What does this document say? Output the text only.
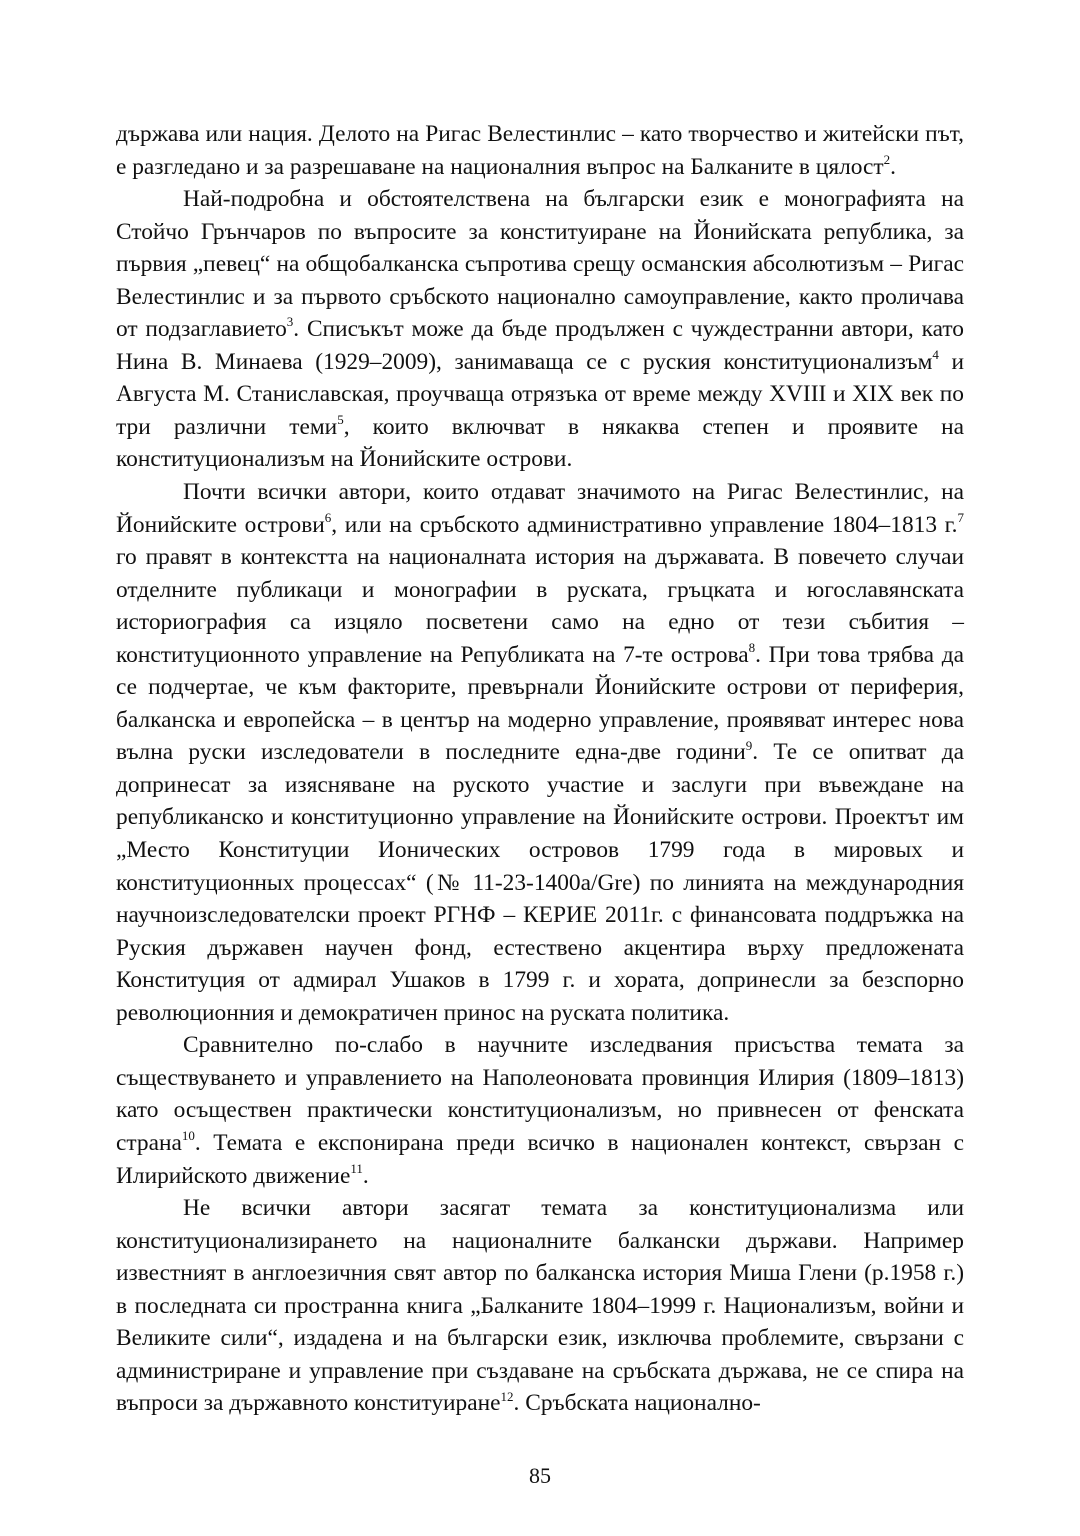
държава или нация. Делото на Ригас Велестинлис – като творчество и житейски път, е разгледано и за разрешаване на националния въпрос на Балканите в цялост$^2$.

Най-подробна и обстоятелствена на български език е монографията на Стойчо Грънчаров по въпросите за конституиране на Йонийската република, за първия „певец“ на общобалканска съпротива срещу османския абсолютизъм – Ригас Велестинлис и за първото сръбското национално самоуправление, както проличава от подзаглавието$^3$. Списъкът може да бъде продължен с чуждестранни автори, като Нина В. Минаева (1929–2009), занимаваща се с руския конституционализъм$^4$ и Августа М. Станиславская, проучваща отрязъка от време между XVIII и XIX век по три различни теми$^5$, които включват в някаква степен и проявите на конституционализъм на Йонийските острови.

Почти всички автори, които отдават значимото на Ригас Велестинлис, на Йонийските острови$^6$, или на сръбското административно управление 1804–1813 г.$^7$ го правят в контекстта на националната история на държавата. В повечето случаи отделните публикаци и монографии в руската, гръцката и югославянската историография са изцяло посветени само на едно от тези събития – конституционното управление на Републиката на 7-те острова$^8$. При това трябва да се подчертае, че към факторите, превърнали Йонийските острови от периферия, балканска и европейска – в център на модерно управление, проявяват интерес нова вълна руски изследователи в последните една-две години$^9$. Те се опитват да допринесат за изясняване на руското участие и заслуги при въвеждане на републиканско и конституционно управление на Йонийските острови. Проектът им „Место Конституции Ионических островов 1799 года в мировых и конституционных процессах“ (№ 11-23-1400a/Gre) по линията на международния научноизследователски проект РГНФ – КЕРИЕ 2011г. с финансовата поддръжка на Руския държавен научен фонд, естествено акцентира върху предложената Конституция от адмирал Ушаков в 1799 г. и хората, допринесли за безспорно революционния и демократичен принос на руската политика.

Сравнително по-слабо в научните изследвания присъства темата за съществуването и управлението на Наполеоновата провинция Илирия (1809–1813) като осъществен практически конституционализъм, но привнесен от фенската страна$^{10}$. Темата е експонирана преди всичко в национален контекст, свързан с Илирийското движение$^{11}$.

Не всички автори засягат темата за конституционализма или конституционализирането на националните балкански държави. Например известният в англоезичния свят автор по балканска история Миша Глени (р.1958 г.) в последната си пространна книга „Балканите 1804–1999 г. Национализъм, войни и Великите сили“, издадена и на български език, изключва проблемите, свързани с администриране и управление при създаване на сръбската държава, не се спира на въпроси за държавното конституиране$^{12}$. Сръбската национално-

85
